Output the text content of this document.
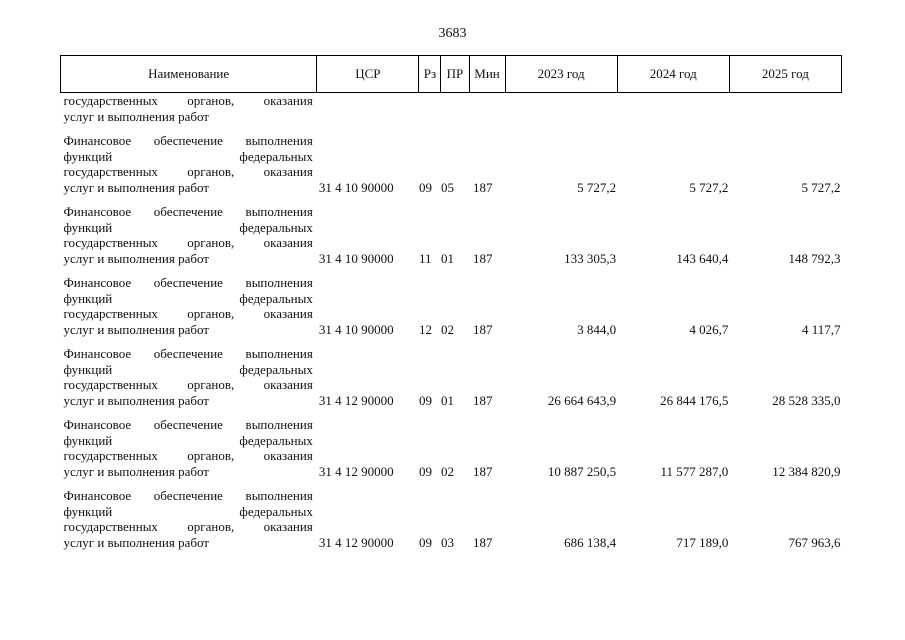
3683
Наименование	ЦСР	Рз	ПР	Мин	2023 год	2024 год	2025 год

государственных органов, оказания
услуг и выполнения работ							

Финансовое обеспечение выполнения
функций федеральных
государственных органов, оказания
услуг и выполнения работ	31 4 10 90000	09	05	187	5 727,2	5 727,2	5 727,2

Финансовое обеспечение выполнения
функций федеральных
государственных органов, оказания
услуг и выполнения работ	31 4 10 90000	11	01	187	133 305,3	143 640,4	148 792,3

Финансовое обеспечение выполнения
функций федеральных
государственных органов, оказания
услуг и выполнения работ	31 4 10 90000	12	02	187	3 844,0	4 026,7	4 117,7

Финансовое обеспечение выполнения
функций федеральных
государственных органов, оказания
услуг и выполнения работ	31 4 12 90000	09	01	187	26 664 643,9	26 844 176,5	28 528 335,0

Финансовое обеспечение выполнения
функций федеральных
государственных органов, оказания
услуг и выполнения работ	31 4 12 90000	09	02	187	10 887 250,5	11 577 287,0	12 384 820,9

Финансовое обеспечение выполнения
функций федеральных
государственных органов, оказания
услуг и выполнения работ	31 4 12 90000	09	03	187	686 138,4	717 189,0	767 963,6
